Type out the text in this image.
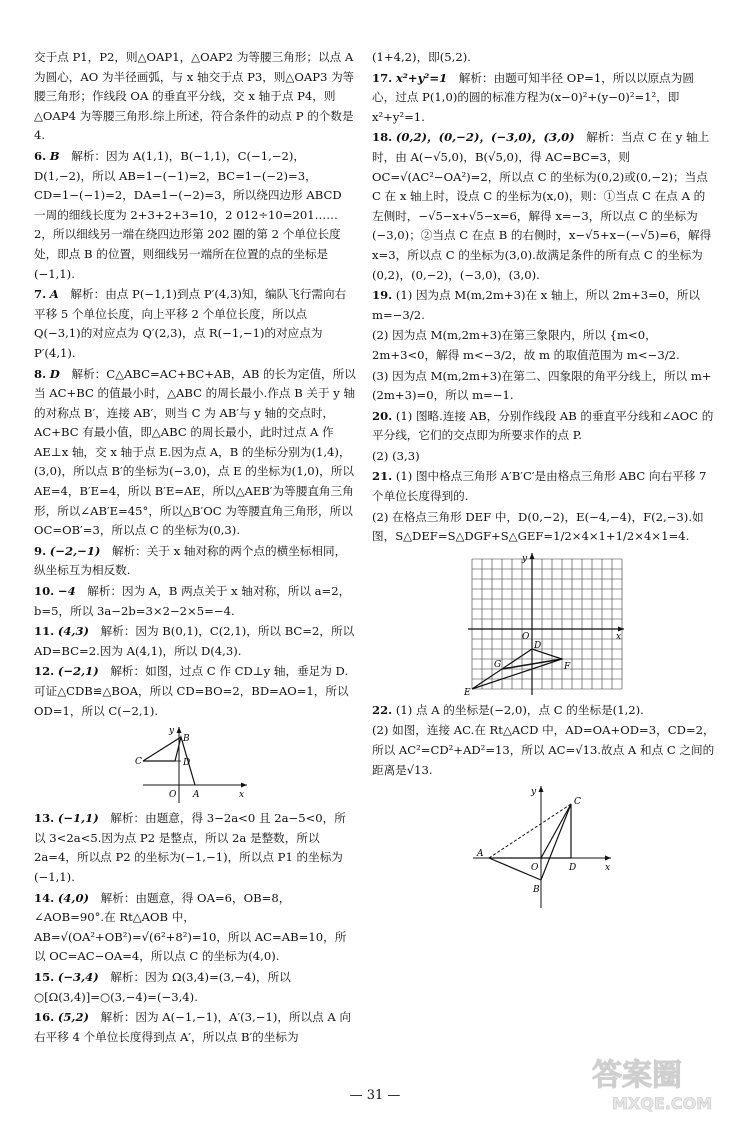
交于点 P1，P2，则△OAP1，△OAP2 为等腰三角形；以点 A 为圆心，AO 为半径画弧，与 x 轴交于点 P3，则△OAP3 为等腰三角形；作线段 OA 的垂直平分线，交 x 轴于点 P4，则△OAP4 为等腰三角形.综上所述，符合条件的动点 P 的个数是 4.
6. B　 解析：因为 A(1,1)，B(−1,1)，C(−1,−2)，D(1,−2)，所以 AB=1−(−1)=2，BC=1−(−2)=3，CD=1−(−1)=2，DA=1−(−2)=3，所以绕四边形 ABCD 一周的细线长度为 2+3+2+3=10，2 012÷10=201……2，所以细线另一端在绕四边形第 202 圈的第 2 个单位长度处，即点 B 的位置，则细线另一端所在位置的点的坐标是(−1,1).
7. A　 解析：由点 P(−1,1)到点 P′(4,3)知，编队飞行需向右平移 5 个单位长度，向上平移 2 个单位长度，所以点 Q(−3,1)的对应点为 Q′(2,3)，点 R(−1,−1)的对应点为 P′(4,1).
8. D　 解析：C△ABC=AC+BC+AB，AB 的长为定值，所以当 AC+BC 的值最小时，△ABC 的周长最小.作点 B 关于 y 轴的对称点 B′，连接 AB′，则当 C 为 AB′与 y 轴的交点时，AC+BC 有最小值，即△ABC 的周长最小，此时过点 A 作 AE⊥x 轴，交 x 轴于点 E.因为点 A，B 的坐标分别为(1,4)，(3,0)，所以点 B′的坐标为(−3,0)，点 E 的坐标为(1,0)，所以 AE=4，B′E=4，所以 B′E=AE，所以△AEB′为等腰直角三角形，所以∠AB′E=45°，所以△B′OC 为等腰直角三角形，所以 OC=OB′=3，所以点 C 的坐标为(0,3).
9. (−2,−1)　 解析：关于 x 轴对称的两个点的横坐标相同，纵坐标互为相反数.
10. −4　 解析：因为 A，B 两点关于 x 轴对称，所以 a=2，b=5，所以 3a−2b=3×2−2×5=−4.
11. (4,3)　 解析：因为 B(0,1)，C(2,1)，所以 BC=2，所以 AD=BC=2.因为 A(4,1)，所以 D(4,3).
12. (−2,1)　 解析：如图，过点 C 作 CD⊥y 轴，垂足为 D.可证△CDB≌△BOA，所以 CD=BO=2，BD=AO=1，所以 OD=1，所以 C(−2,1).
B
C	D
O A	x
y
13. (−1,1)　 解析：由题意，得 3−2a<0 且 2a−5<0，所以 3<2a<5.因为点 P2 是整点，所以 2a 是整数，所以 2a=4，所以点 P2 的坐标为(−1,−1)，所以点 P1 的坐标为(−1,1).
14. (4,0)　 解析：由题意，得 OA=6，OB=8，∠AOB=90°.在 Rt△AOB 中，AB=√(OA²+OB²)=√(6²+8²)=10，所以 AC=AB=10，所以 OC=AC−OA=4，所以点 C 的坐标为(4,0).
15. (−3,4)　 解析：因为 Ω(3,4)=(3,−4)，所以○[Ω(3,4)]=○(3,−4)=(−3,4).
16. (5,2)　 解析：因为 A(−1,−1)，A′(3,−1)，所以点 A 向右平移 4 个单位长度得到点 A′，所以点 B′的坐标为
(1+4,2)，即(5,2).
17. x²+y²=1　 解析：由题可知半径 OP=1，所以以原点为圆心，过点 P(1,0)的圆的标准方程为(x−0)²+(y−0)²=1²，即 x²+y²=1.
18. (0,2)，(0,−2)，(−3,0)，(3,0)　 解析：当点 C 在 y 轴上时，由 A(−√5,0)，B(√5,0)，得 AC=BC=3，则 OC=√(AC²−OA²)=2，所以点 C 的坐标为(0,2)或(0,−2)；当点 C 在 x 轴上时，设点 C 的坐标为(x,0)，则：①当点 C 在点 A 的左侧时，−√5−x+√5−x=6，解得 x=−3，所以点 C 的坐标为(−3,0)；②当点 C 在点 B 的右侧时，x−√5+x−(−√5)=6，解得 x=3，所以点 C 的坐标为(3,0).故满足条件的所有点 C 的坐标为(0,2)，(0,−2)，(−3,0)，(3,0).
19. (1) 因为点 M(m,2m+3)在 x 轴上，所以 2m+3=0，所以 m=−3/2.
(2) 因为点 M(m,2m+3)在第三象限内，所以 {m<0，2m+3<0，解得 m<−3/2，故 m 的取值范围为 m<−3/2.
(3) 因为点 M(m,2m+3)在第二、四象限的角平分线上，所以 m+(2m+3)=0，所以 m=−1.
20. (1) 图略.连接 AB，分别作线段 AB 的垂直平分线和∠AOC 的平分线，它们的交点即为所要求作的点 P.
(2) (3,3)
21. (1) 图中格点三角形 A′B′C′是由格点三角形 ABC 向右平移 7 个单位长度得到的.
(2) 在格点三角形 DEF 中，D(0,−2)，E(−4,−4)，F(2,−3).如图，S△DEF=S△DGF+S△GEF=1/2×4×1+1/2×4×1=4.
y
x
O
D
G
E
F
22. (1) 点 A 的坐标是(−2,0)，点 C 的坐标是(1,2).
(2) 如图，连接 AC.在 Rt△ACD 中，AD=OA+OD=3，CD=2，所以 AC²=CD²+AD²=13，所以 AC=√13.故点 A 和点 C 之间的距离是√13.
y
C
A
O	D	x
B
— 31 —
答案圈
MXQE.COM
